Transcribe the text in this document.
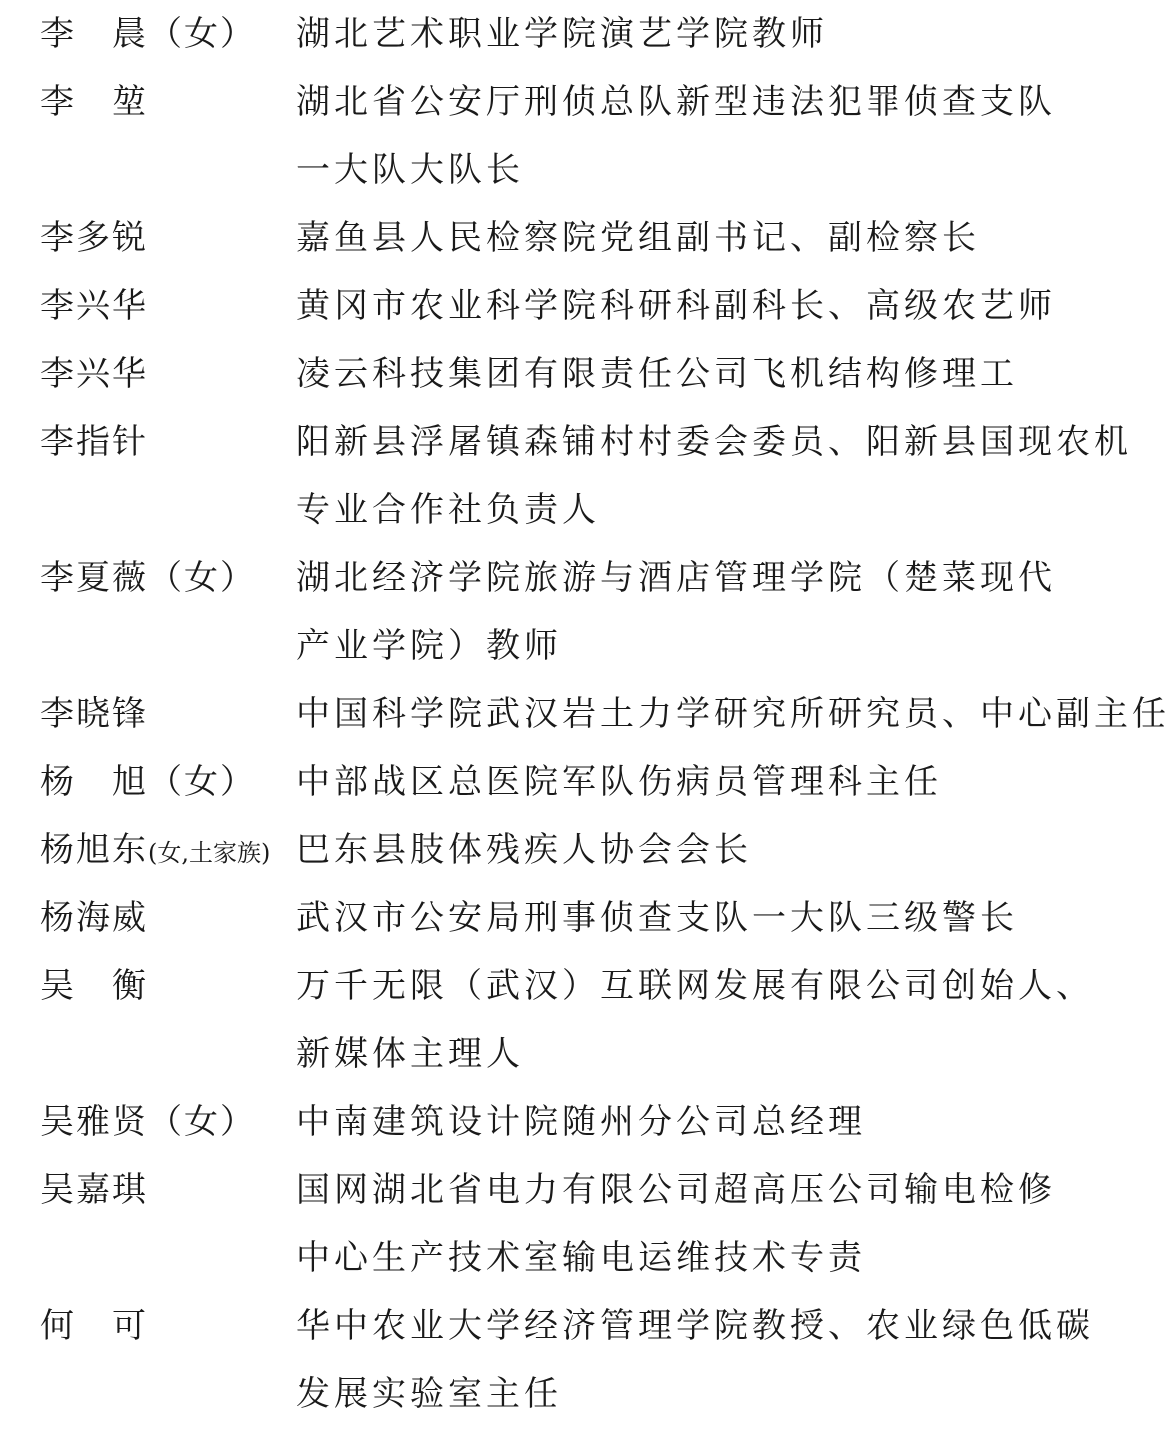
李　晨（女）	湖北艺术职业学院演艺学院教师
李　堃	湖北省公安厅刑侦总队新型违法犯罪侦查支队
一大队大队长
李多锐	嘉鱼县人民检察院党组副书记、副检察长
李兴华	黄冈市农业科学院科研科副科长、高级农艺师
李兴华	凌云科技集团有限责任公司飞机结构修理工
李指针	阳新县浮屠镇森铺村村委会委员、阳新县国现农机
专业合作社负责人
李夏薇（女）	湖北经济学院旅游与酒店管理学院（楚菜现代
产业学院）教师
李晓锋	中国科学院武汉岩土力学研究所研究员、中心副主任
杨　旭（女）	中部战区总医院军队伤病员管理科主任
杨旭东(女,土家族) 巴东县肢体残疾人协会会长
杨海威	武汉市公安局刑事侦查支队一大队三级警长
吴　衡	万千无限（武汉）互联网发展有限公司创始人、
新媒体主理人
吴雅贤（女）	中南建筑设计院随州分公司总经理
吴嘉琪	国网湖北省电力有限公司超高压公司输电检修
中心生产技术室输电运维技术专责
何　可	华中农业大学经济管理学院教授、农业绿色低碳
发展实验室主任
